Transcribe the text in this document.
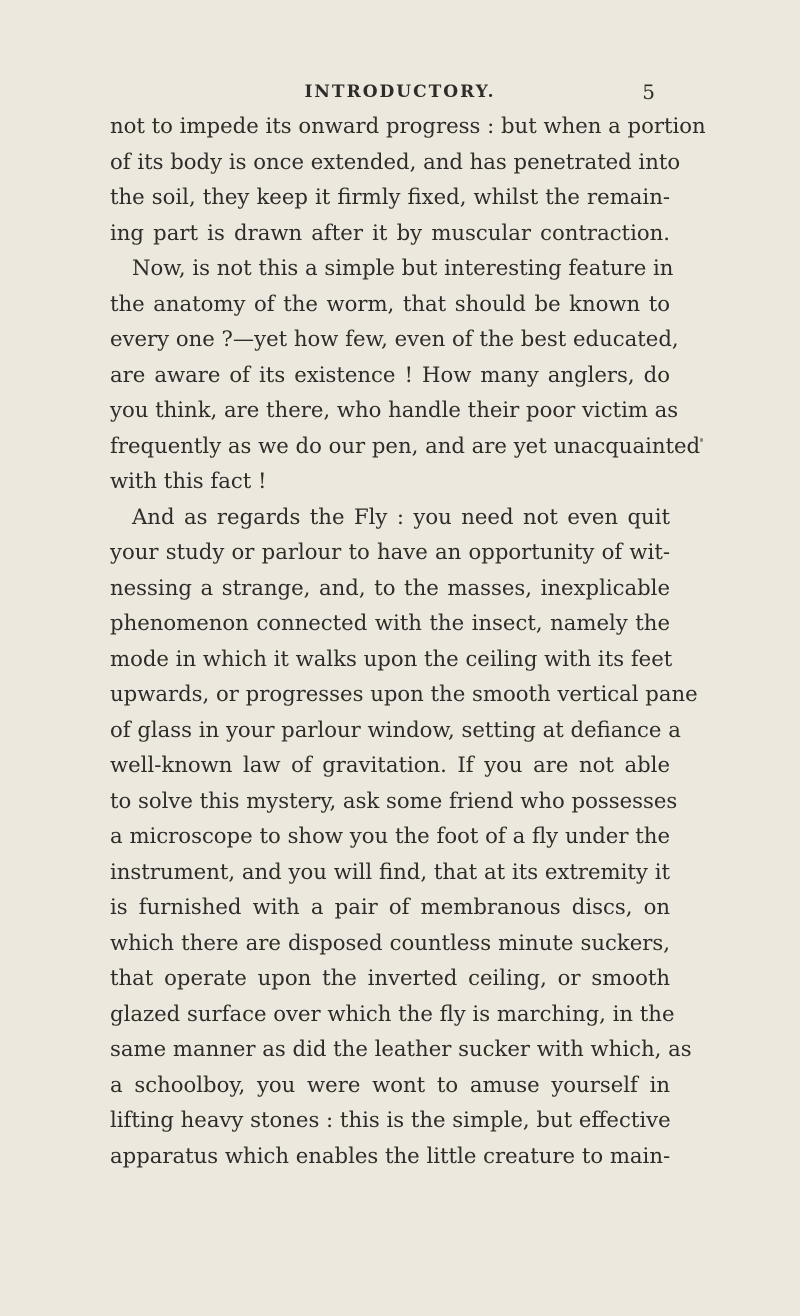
INTRODUCTORY.	5
not to impede its onward progress : but when a portion
of its body is once extended, and has penetrated into
the soil, they keep it firmly fixed, whilst the remain-
ing part is drawn after it by muscular contraction.
Now, is not this a simple but interesting feature in
the anatomy of the worm, that should be known to
every one ?—yet how few, even of the best educated,
are aware of its existence ! How many anglers, do
you think, are there, who handle their poor victim as
frequently as we do our pen, and are yet unacquainted
with this fact !
And as regards the Fly : you need not even quit
your study or parlour to have an opportunity of wit-
nessing a strange, and, to the masses, inexplicable
phenomenon connected with the insect, namely the
mode in which it walks upon the ceiling with its feet
upwards, or progresses upon the smooth vertical pane
of glass in your parlour window, setting at defiance a
well-known law of gravitation. If you are not able
to solve this mystery, ask some friend who possesses
a microscope to show you the foot of a fly under the
instrument, and you will find, that at its extremity it
is furnished with a pair of membranous discs, on
which there are disposed countless minute suckers,
that operate upon the inverted ceiling, or smooth
glazed surface over which the fly is marching, in the
same manner as did the leather sucker with which, as
a schoolboy, you were wont to amuse yourself in
lifting heavy stones : this is the simple, but effective
apparatus which enables the little creature to main-
